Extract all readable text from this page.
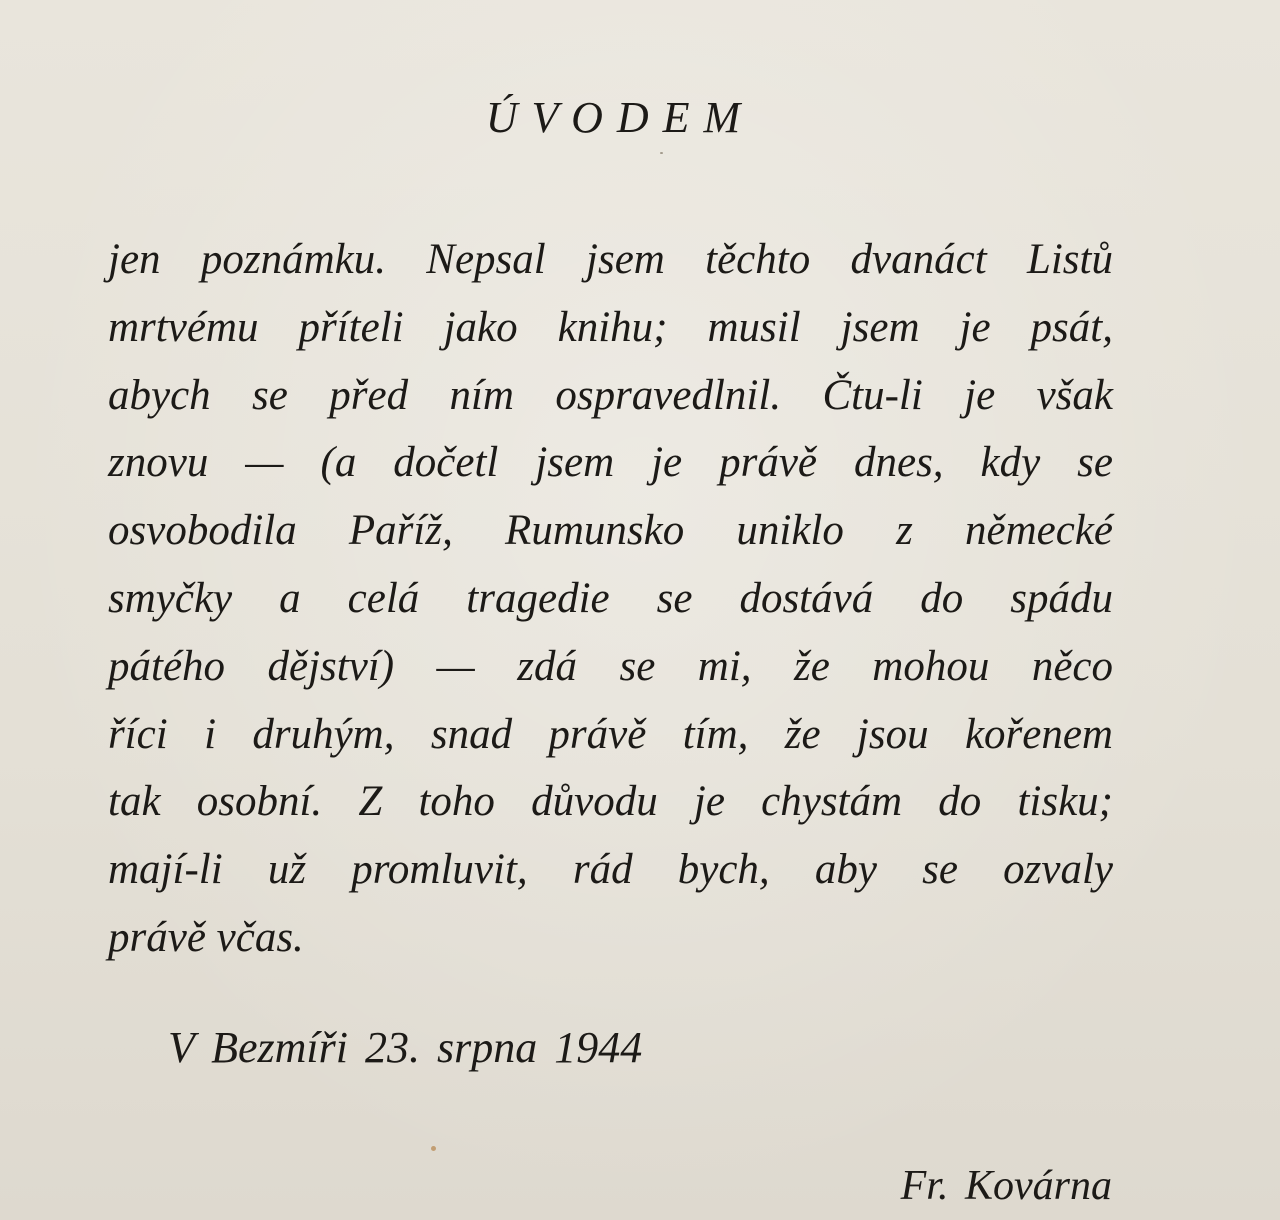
ÚVODEM
jen poznámku. Nepsal jsem těchto dvanáct Listů
mrtvému příteli jako knihu; musil jsem je psát,
abych se před ním ospravedlnil. Čtu-li je však
znovu — (a dočetl jsem je právě dnes, kdy se
osvobodila Paříž, Rumunsko uniklo z německé
smyčky a celá tragedie se dostává do spádu
pátého dějství) — zdá se mi, že mohou něco
říci i druhým, snad právě tím, že jsou kořenem
tak osobní. Z toho důvodu je chystám do tisku;
mají-li už promluvit, rád bych, aby se ozvaly
právě včas.
V Bezmíři 23. srpna 1944
Fr. Kovárna
